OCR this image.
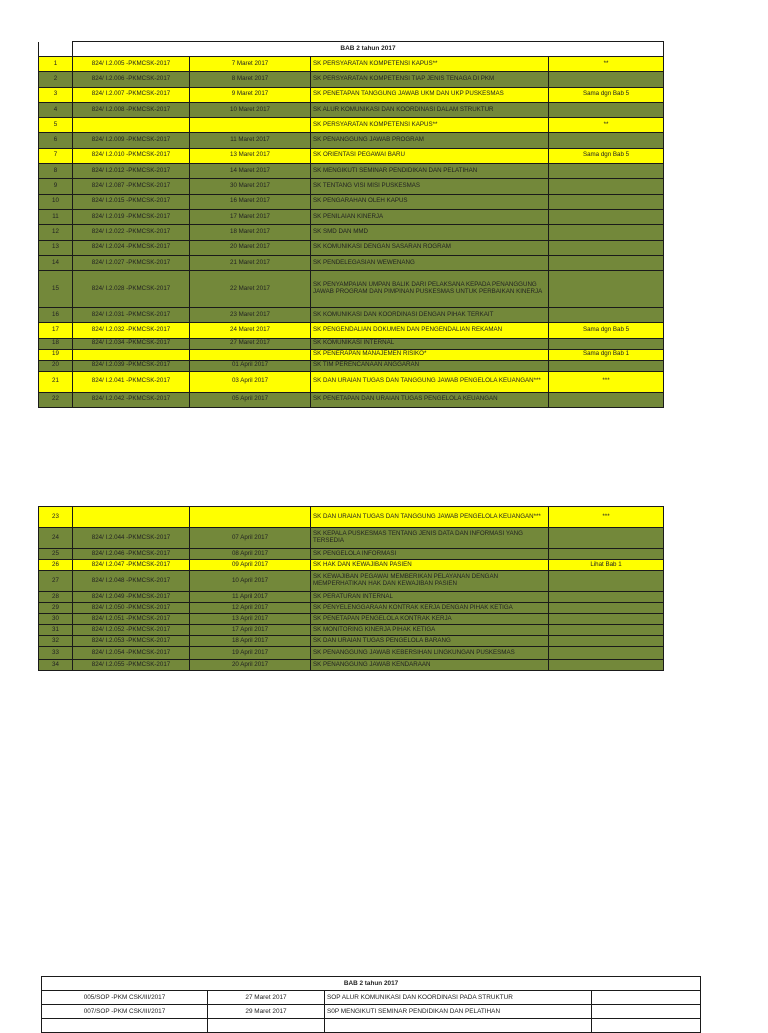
	BAB 2 tahun 2017			
1	824/ I.2.005 -PKMCSK-2017	7 Maret 2017	SK PERSYARATAN KOMPETENSI KAPUS**	**
2	824/ I.2.006 -PKMCSK-2017	8 Maret 2017	SK PERSYARATAN KOMPETENSI TIAP JENIS TENAGA DI PKM	
3	824/ I.2.007 -PKMCSK-2017	9 Maret 2017	SK PENETAPAN TANGGUNG JAWAB UKM DAN UKP PUSKESMAS	Sama dgn Bab 5
4	824/ I.2.008 -PKMCSK-2017	10 Maret 2017	SK ALUR KOMUNIKASI DAN KOORDINASI DALAM STRUKTUR	
5			SK PERSYARATAN KOMPETENSI KAPUS**	**
6	824/ I.2.009 -PKMCSK-2017	11 Maret 2017	SK PENANGGUNG JAWAB PROGRAM	
7	824/ I.2.010 -PKMCSK-2017	13 Maret 2017	SK ORIENTASI PEGAWAI BARU	Sama dgn Bab 5
8	824/ I.2.012 -PKMCSK-2017	14 Maret 2017	SK MENGIKUTI SEMINAR PENDIDIKAN DAN PELATIHAN	
9	824/ I.2.087 -PKMCSK-2017	30 Maret 2017	SK TENTANG VISI MISI PUSKESMAS	
10	824/ I.2.015 -PKMCSK-2017	16 Maret 2017	SK PENGARAHAN OLEH KAPUS	
11	824/ I.2.019 -PKMCSK-2017	17 Maret 2017	SK PENILAIAN KINERJA	
12	824/ I.2.022 -PKMCSK-2017	18 Maret 2017	SK SMD DAN MMD	
13	824/ I.2.024 -PKMCSK-2017	20 Maret 2017	SK KOMUNIKASI DENGAN SASARAN ROGRAM	
14	824/ I.2.027 -PKMCSK-2017	21 Maret 2017	SK PENDELEGASIAN WEWENANG	
15	824/ I.2.028 -PKMCSK-2017	22 Maret 2017	SK PENYAMPAIAN UMPAN BALIK DARI PELAKSANA KEPADA PENANGGUNG JAWAB PROGRAM DAN PIMPINAN PUSKESMAS UNTUK PERBAIKAN KINERJA	
16	824/ I.2.031 -PKMCSK-2017	23 Maret 2017	SK KOMUNIKASI DAN KOORDINASI DENGAN PIHAK TERKAIT	
17	824/ I.2.032 -PKMCSK-2017	24 Maret 2017	SK PENGENDALIAN DOKUMEN DAN PENGENDALIAN REKAMAN	Sama dgn Bab 5
18	824/ I.2.034 -PKMCSK-2017	27 Maret 2017	SK KOMUNIKASI INTERNAL	
19			SK PENERAPAN MANAJEMEN RISIKO*	Sama dgn Bab 1
20	824/ I.2.039 -PKMCSK-2017	01 April 2017	SK TIM PERENCANAAN ANGGARAN	
21	824/ I.2.041 -PKMCSK-2017	03 April 2017	SK DAN URAIAN TUGAS DAN TANGGUNG JAWAB PENGELOLA KEUANGAN***	***
22	824/ I.2.042 -PKMCSK-2017	05 April 2017	SK PENETAPAN DAN URAIAN TUGAS PENGELOLA KEUANGAN	
23			SK DAN URAIAN TUGAS DAN TANGGUNG JAWAB PENGELOLA KEUANGAN***	***
24	824/ I.2.044 -PKMCSK-2017	07 April 2017	SK KEPALA PUSKESMAS TENTANG JENIS DATA DAN INFORMASI YANG TERSEDIA	
25	824/ I.2.046 -PKMCSK-2017	08 April 2017	SK PENGELOLA INFORMASI	
26	824/ I.2.047 -PKMCSK-2017	09 April 2017	SK HAK DAN KEWAJIBAN PASIEN	Lihat Bab 1
27	824/ I.2.048 -PKMCSK-2017	10 April 2017	SK KEWAJIBAN PEGAWAI MEMBERIKAN PELAYANAN DENGAN MEMPERHATIKAN HAK DAN KEWAJIBAN PASIEN	
28	824/ I.2.049 -PKMCSK-2017	11 April 2017	SK PERATURAN INTERNAL	
29	824/ I.2.050 -PKMCSK-2017	12 April 2017	SK PENYELENGGARAAN KONTRAK KERJA DENGAN PIHAK KETIGA	
30	824/ I.2.051 -PKMCSK-2017	13 April 2017	SK PENETAPAN PENGELOLA KONTRAK KERJA	
31	824/ I.2.052 -PKMCSK-2017	17 April 2017	SK MONITORING KINERJA PIHAK KETIGA	
32	824/ I.2.053 -PKMCSK-2017	18 April 2017	SK DAN URAIAN TUGAS PENGELOLA BARANG	
33	824/ I.2.054 -PKMCSK-2017	19 April 2017	SK PENANGGUNG JAWAB KEBERSIHAN LINGKUNGAN PUSKESMAS	
34	824/ I.2.055 -PKMCSK-2017	20 April 2017	SK PENANGGUNG JAWAB KENDARAAN	
BAB 2 tahun 2017			
005/SOP -PKM CSK/III/2017	27 Maret 2017	SOP ALUR KOMUNIKASI DAN KOORDINASI PADA STRUKTUR	
007/SOP -PKM CSK/III/2017	29 Maret 2017	S0P MENGIKUTI SEMINAR PENDIDIKAN DAN PELATIHAN	
